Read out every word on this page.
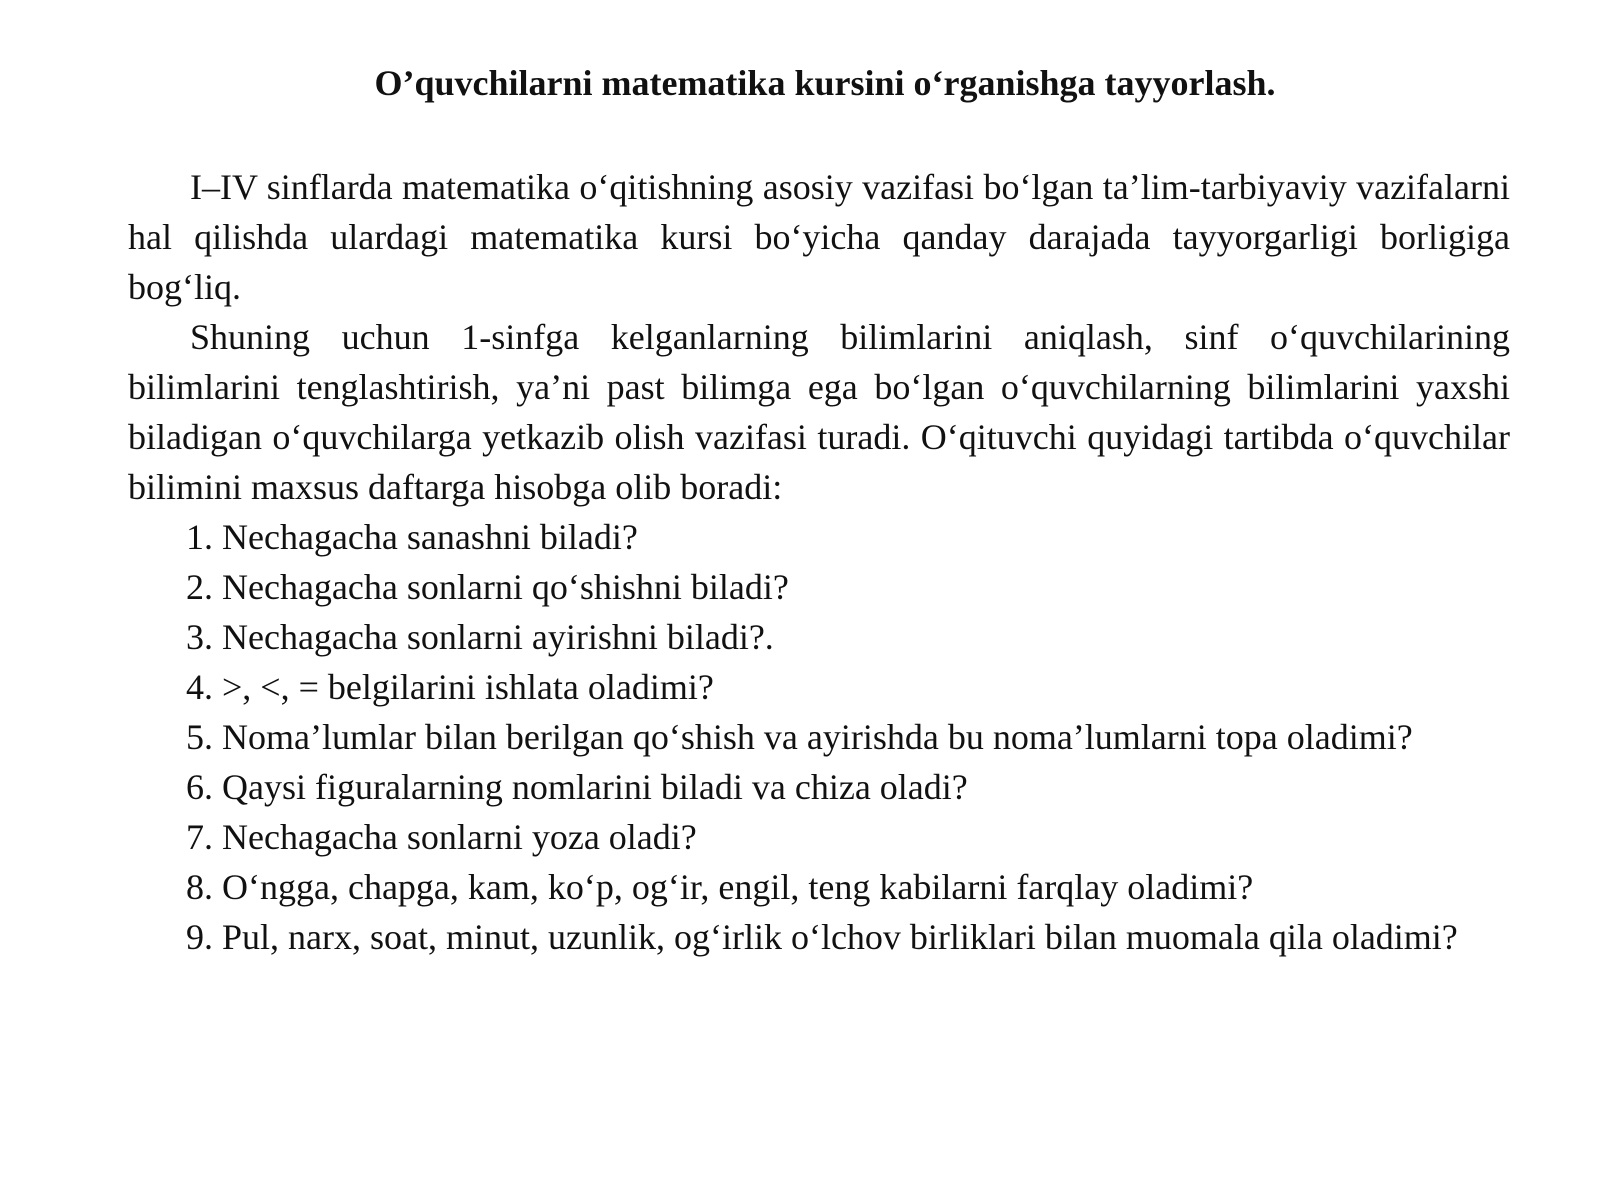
O’quvchilarni matematika kursini o‘rganishga tayyorlash.

I–IV sinflarda matematika o‘qitishning asosiy vazifasi bo‘lgan ta’lim-tarbiyaviy vazifalarni hal qilishda ulardagi matematika kursi bo‘yicha qanday darajada tayyorgarligi borligiga bog‘liq.

Shuning uchun 1-sinfga kelganlarning bilimlarini aniqlash, sinf o‘quvchilarining bilimlarini tenglashtirish, ya’ni past bilimga ega bo‘lgan o‘quvchilarning bilimlarini yaxshi biladigan o‘quvchilarga yetkazib olish vazifasi turadi. O‘qituvchi quyidagi tartibda o‘quvchilar bilimini maxsus daftarga hisobga olib boradi:

1. Nechagacha sanashni biladi?

2. Nechagacha sonlarni qo‘shishni biladi?

3. Nechagacha sonlarni ayirishni biladi?.

4. >, <, = belgilarini ishlata oladimi?

5. Noma’lumlar bilan berilgan qo‘shish va ayirishda bu noma’lumlarni topa oladimi?

6. Qaysi figuralarning nomlarini biladi va chiza oladi?

7. Nechagacha sonlarni yoza oladi?

8. O‘ngga, chapga, kam, ko‘p, og‘ir, engil, teng kabilarni farqlay oladimi?

9. Pul, narx, soat, minut, uzunlik, og‘irlik o‘lchov birliklari bilan muomala qila oladimi?
